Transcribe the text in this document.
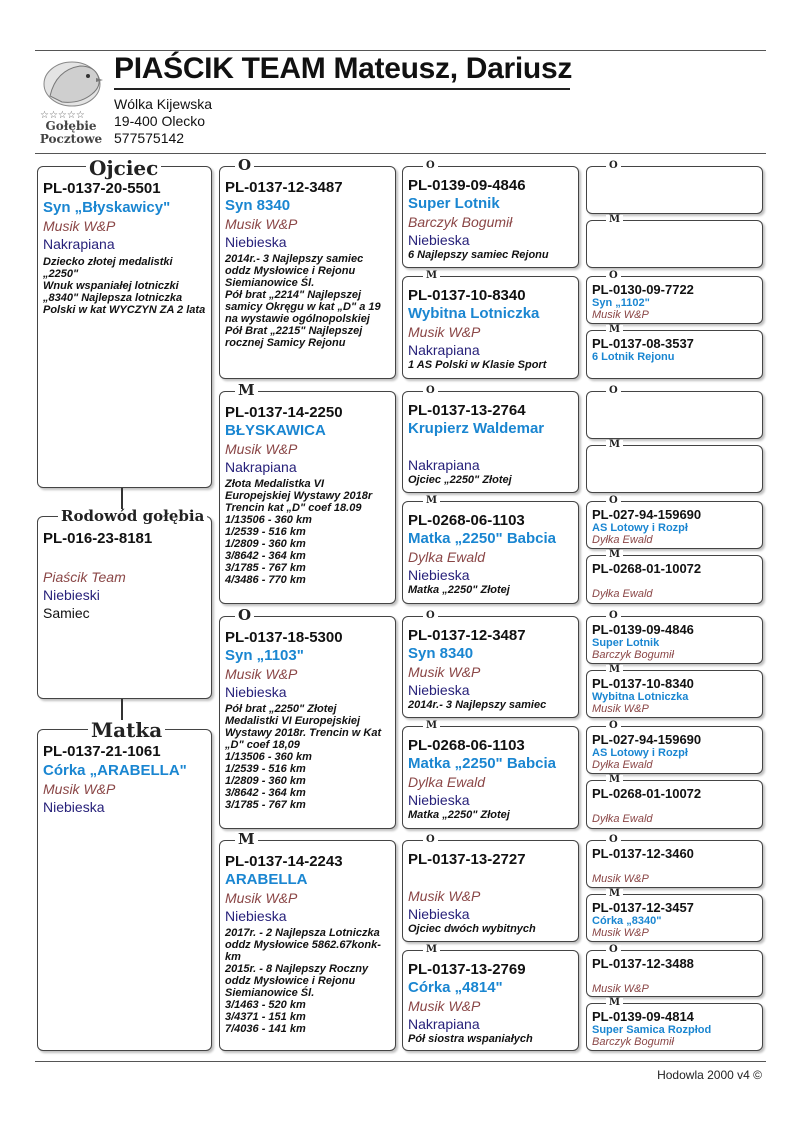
☆☆☆☆☆
Gołębie
Pocztowe
PIAŚCIK TEAM Mateusz, Dariusz
Wólka Kijewska
19-400 Olecko
577575142
PL-0137-20-5501
Syn „Błyskawicy"
Musik W&P
Nakrapiana
Dziecko złotej medalistki „2250"
Wnuk wspaniałej lotniczki „8340" Najlepsza lotniczka Polski w kat WYCZYN ZA 2 lata
Ojciec
PL-016-23-8181
Piaścik Team
Niebieski
Samiec
Rodowód gołębia
PL-0137-21-1061
Córka „ARABELLA"
Musik W&P
Niebieska
Matka
PL-0137-12-3487
Syn 8340
Musik W&P
Niebieska
2014r.- 3 Najlepszy samiec oddz Mysłowice i Rejonu Siemianowice Śl.
Pół brat „2214" Najlepszej samicy Okręgu w kat „D" a 19 na wystawie ogólnopolskiej
Pół Brat „2215" Najlepszej rocznej Samicy Rejonu
O
PL-0137-14-2250
BŁYSKAWICA
Musik W&P
Nakrapiana
Złota Medalistka VI Europejskiej Wystawy 2018r Trencin kat „D" coef 18.09
1/13506 - 360 km
1/2539 - 516 km
1/2809 - 360 km
3/8642 - 364 km
3/1785 - 767 km
4/3486 - 770 km
M
PL-0137-18-5300
Syn „1103"
Musik W&P
Niebieska
Pół brat „2250" Złotej Medalistki VI Europejskiej Wystawy 2018r. Trencin w Kat „D" coef 18,09
1/13506 - 360 km
1/2539 - 516 km
1/2809 - 360 km
3/8642 - 364 km
3/1785 - 767 km
O
PL-0137-14-2243
ARABELLA
Musik W&P
Niebieska
2017r. - 2 Najlepsza Lotniczka oddz Mysłowice 5862.67konk-km
2015r. - 8 Najlepszy Roczny oddz Mysłowice i Rejonu Siemianowice Śl.
3/1463 - 520 km
3/4371 - 151 km
7/4036 - 141 km
M
PL-0139-09-4846
Super Lotnik
Barczyk Bogumił
Niebieska
6 Najlepszy samiec Rejonu
O
PL-0137-10-8340
Wybitna Lotniczka
Musik W&P
Nakrapiana
1 AS Polski w Klasie Sport
M
PL-0137-13-2764
Krupierz Waldemar
Nakrapiana
Ojciec „2250" Złotej
O
PL-0268-06-1103
Matka „2250" Babcia
Dylka Ewald
Niebieska
Matka „2250" Złotej
M
PL-0137-12-3487
Syn 8340
Musik W&P
Niebieska
2014r.- 3 Najlepszy samiec
O
PL-0268-06-1103
Matka „2250" Babcia
Dylka Ewald
Niebieska
Matka „2250" Złotej
M
PL-0137-13-2727
Musik W&P
Niebieska
Ojciec dwóch wybitnych
O
PL-0137-13-2769
Córka „4814"
Musik W&P
Nakrapiana
Pół siostra wspaniałych
M
O
M
PL-0130-09-7722
Syn „1102"
Musik W&P
O
PL-0137-08-3537
6 Lotnik Rejonu
M
O
M
PL-027-94-159690
AS Lotowy i Rozpł
Dyłka Ewald
O
PL-0268-01-10072
Dyłka Ewald
M
PL-0139-09-4846
Super Lotnik
Barczyk Bogumił
O
PL-0137-10-8340
Wybitna Lotniczka
Musik W&P
M
PL-027-94-159690
AS Lotowy i Rozpł
Dyłka Ewald
O
PL-0268-01-10072
Dyłka Ewald
M
PL-0137-12-3460
Musik W&P
O
PL-0137-12-3457
Córka „8340"
Musik W&P
M
PL-0137-12-3488
Musik W&P
O
PL-0139-09-4814
Super Samica Rozpłod
Barczyk Bogumił
M
Hodowla 2000 v4 ©
